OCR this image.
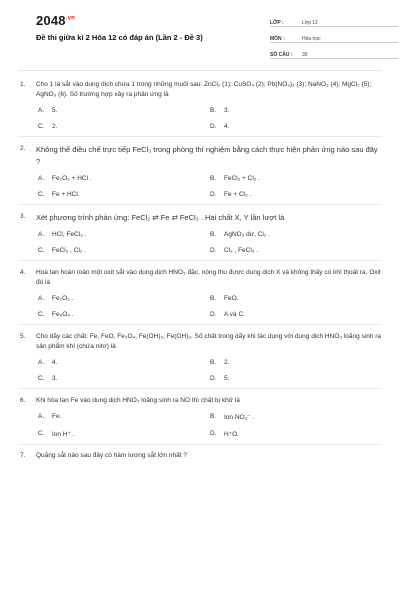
$2048^{.vn}$
Đề thi giữa kì 2 Hóa 12 có đáp án (Lần 2 - Đề 3)
LỚP :	Lớp 12
MÔN :	Hóa học
SỐ CÂU :	30
1.	Cho 1 lá sắt vào dung dịch chứa 1 trong những muối sau: ZnCl₂ (1); CuSO₄ (2); Pb(NO₃)₂ (3); NaNO₃ (4); MgCl₂ (5); AgNO₃ (6). Số trường hợp xảy ra phản ứng là
A.	5.	B.	3.
C.	2.	D.	4.
2.	Không thể điều chế trực tiếp FeCl₃ trong phòng thí nghiệm bằng cách thực hiện phản ứng nào sau đây ?
A.	Fe₂O₃ + HCl .	B.	FeCl₂ + Cl₂ .
C.	Fe + HCl.	D.	Fe + Cl₂ .
3.	Xét phương trình phản ứng: FeCl₂ ⇄ Fe ⇄ FeCl₃ . Hai chất X, Y lần lượt là
A.	HCl, FeCl₃ .	B.	AgNO₃ dư, Cl₂ .
C.	FeCl₃ , Cl₂ .	D.	Cl₂ , FeCl₃ .
4.	Hoà tan hoàn toàn một oxit sắt vào dung dịch HNO₃ đặc, nóng thu được dung dịch X và không thấy có khí thoát ra. Oxit đó là
A.	Fe₂O₃ .	B.	FeO.
C.	Fe₃O₄ .	D.	A và C.
5.	Cho dãy các chất: Fe, FeO, Fe₃O₄, Fe(OH)₂, Fe(OH)₃. Số chất trong dãy khi tác dụng với dung dịch HNO₃ loãng sinh ra sản phẩm khí (chứa nitơ) là
A.	4.	B.	2.
C.	3.	D.	5.
6.	Khi hòa tan Fe vào dung dịch HNO₃ loãng sinh ra NO thì chất bị khử là
A.	Fe.	B.	Ion NO₃⁻ .
C.	Ion H⁺ .	D.	H⁺O.
7.	Quặng sắt nào sau đây có hàm lượng sắt lớn nhất ?
